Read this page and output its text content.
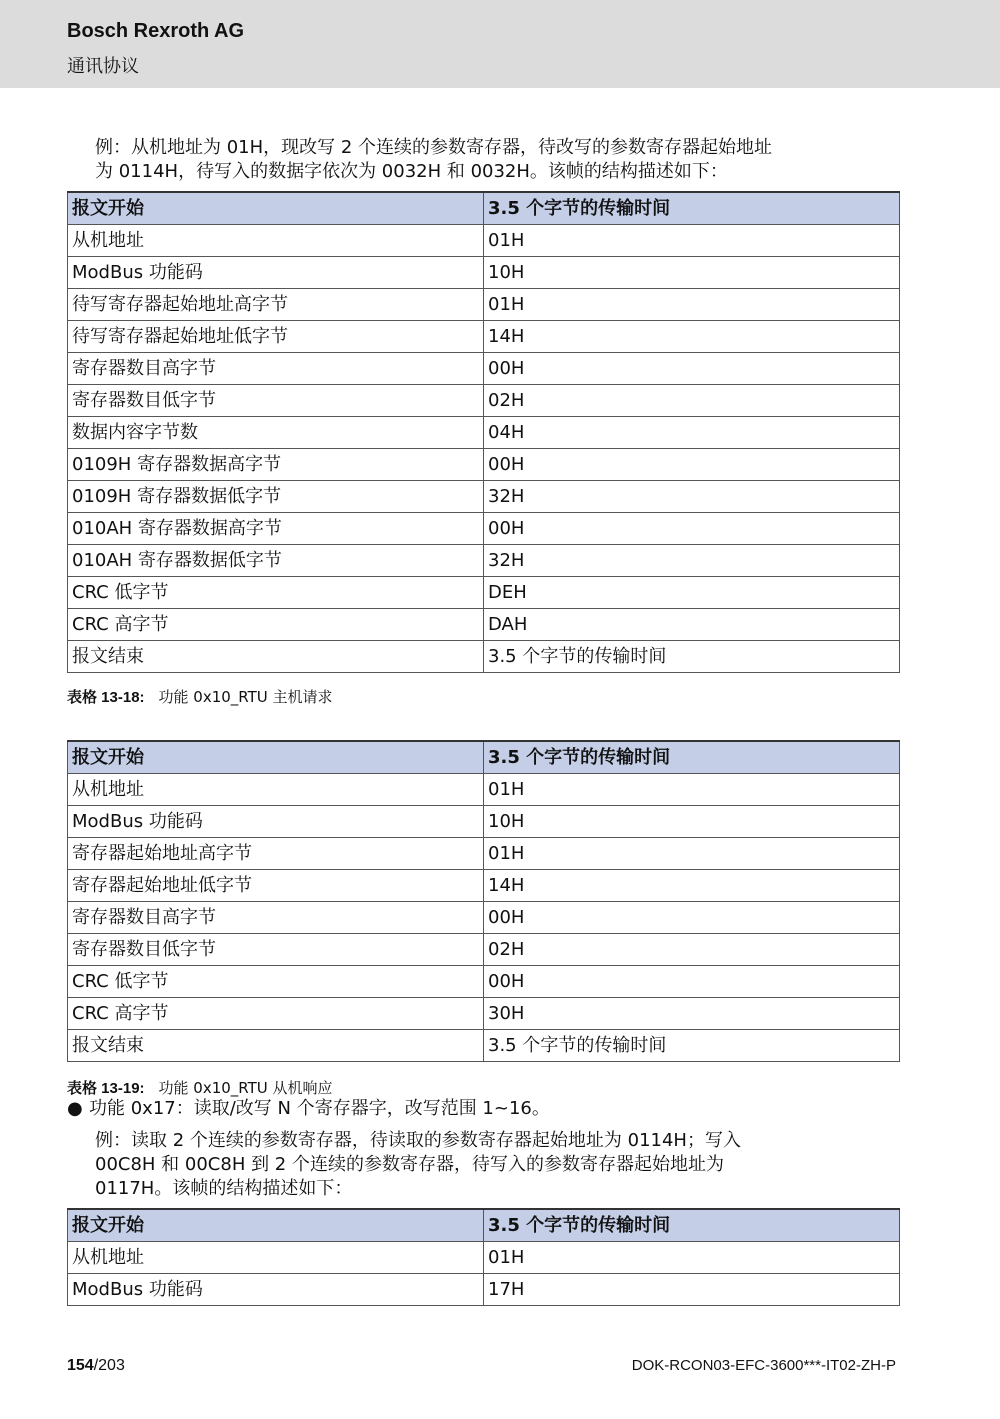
Bosch Rexroth AG
通讯协议

例：从机地址为 01H，现改写 2 个连续的参数寄存器，待改写的参数寄存器起始地址
为 0114H，待写入的数据字依次为 0032H 和 0032H。该帧的结构描述如下：

报文开始	3.5 个字节的传输时间
从机地址	01H
ModBus 功能码	10H
待写寄存器起始地址高字节	01H
待写寄存器起始地址低字节	14H
寄存器数目高字节	00H
寄存器数目低字节	02H
数据内容字节数	04H
0109H 寄存器数据高字节	00H
0109H 寄存器数据低字节	32H
010AH 寄存器数据高字节	00H
010AH 寄存器数据低字节	32H
CRC 低字节	DEH
CRC 高字节	DAH
报文结束	3.5 个字节的传输时间
表格 13-18: 功能 0x10_RTU 主机请求
报文开始	3.5 个字节的传输时间
从机地址	01H
ModBus 功能码	10H
寄存器起始地址高字节	01H
寄存器起始地址低字节	14H
寄存器数目高字节	00H
寄存器数目低字节	02H
CRC 低字节	00H
CRC 高字节	30H
报文结束	3.5 个字节的传输时间
表格 13-19: 功能 0x10_RTU 从机响应
● 功能 0x17：读取/改写 N 个寄存器字，改写范围 1~16。

例：读取 2 个连续的参数寄存器，待读取的参数寄存器起始地址为 0114H；写入
00C8H 和 00C8H 到 2 个连续的参数寄存器，待写入的参数寄存器起始地址为
0117H。该帧的结构描述如下：

报文开始	3.5 个字节的传输时间
从机地址	01H
ModBus 功能码	17H
154/203	DOK-RCON03-EFC-3600***-IT02-ZH-P
